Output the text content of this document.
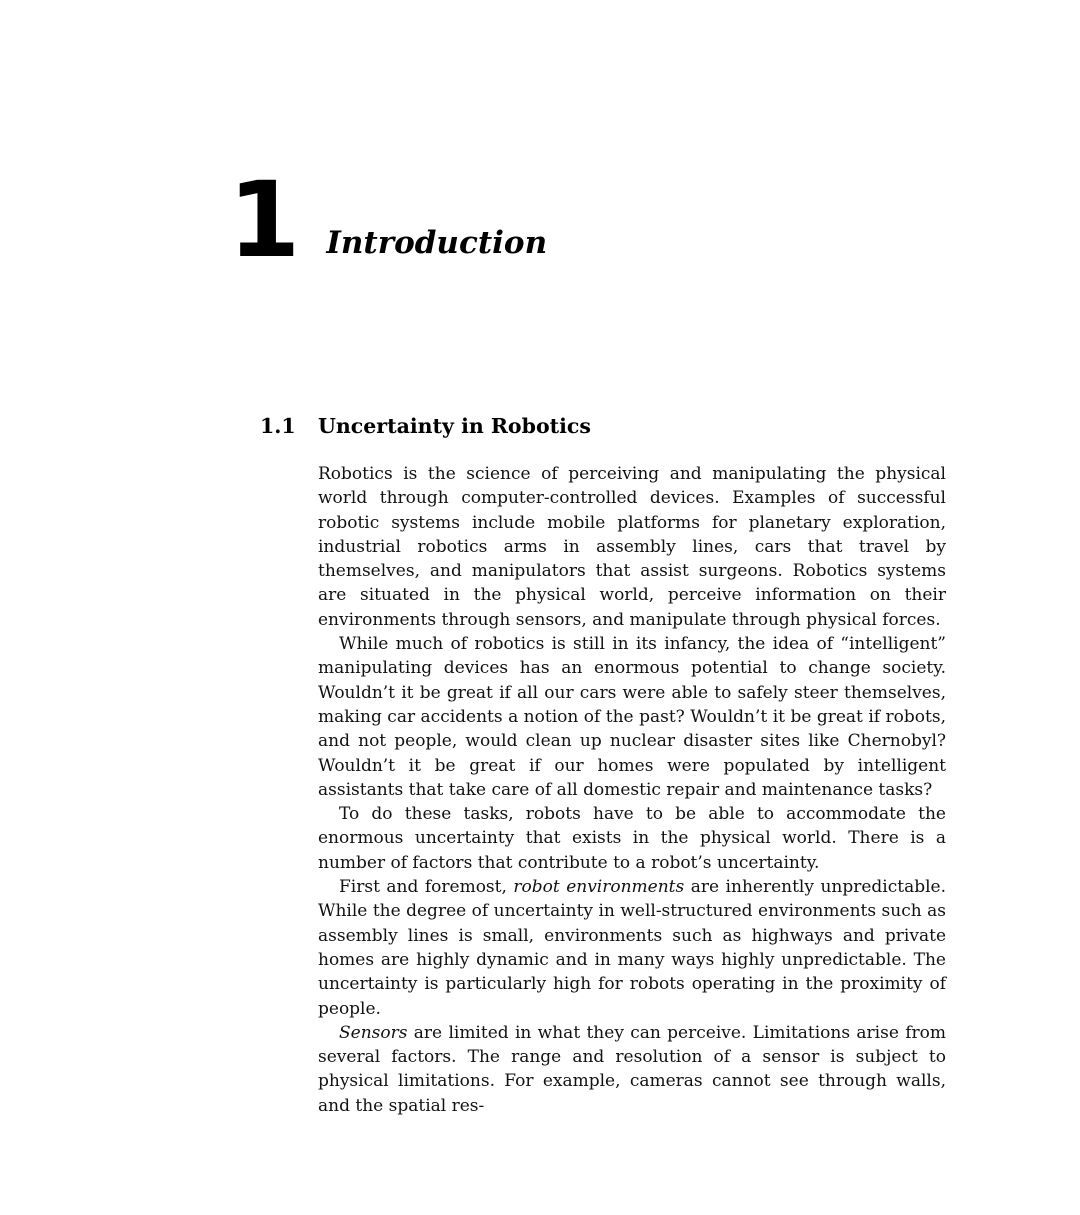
1 Introduction
1.1	Uncertainty in Robotics

Robotics is the science of perceiving and manipulating the physical world through computer-controlled devices. Examples of successful robotic systems include mobile platforms for planetary exploration, industrial robotics arms in assembly lines, cars that travel by themselves, and manipulators that assist surgeons. Robotics systems are situated in the physical world, perceive information on their environments through sensors, and manipulate through physical forces.

While much of robotics is still in its infancy, the idea of “intelligent” manipulating devices has an enormous potential to change society. Wouldn’t it be great if all our cars were able to safely steer themselves, making car accidents a notion of the past? Wouldn’t it be great if robots, and not people, would clean up nuclear disaster sites like Chernobyl? Wouldn’t it be great if our homes were populated by intelligent assistants that take care of all domestic repair and maintenance tasks?

To do these tasks, robots have to be able to accommodate the enormous uncertainty that exists in the physical world. There is a number of factors that contribute to a robot’s uncertainty.

First and foremost, robot environments are inherently unpredictable. While the degree of uncertainty in well-structured environments such as assembly lines is small, environments such as highways and private homes are highly dynamic and in many ways highly unpredictable. The uncertainty is particularly high for robots operating in the proximity of people.

Sensors are limited in what they can perceive. Limitations arise from several factors. The range and resolution of a sensor is subject to physical limitations. For example, cameras cannot see through walls, and the spatial res-
